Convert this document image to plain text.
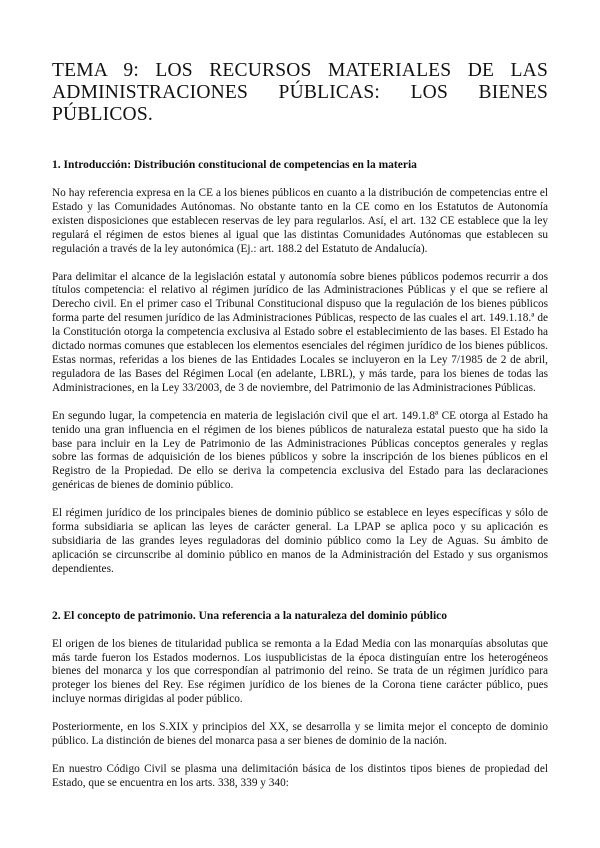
TEMA 9: LOS RECURSOS MATERIALES DE LAS ADMINISTRACIONES PÚBLICAS: LOS BIENES PÚBLICOS.
1. Introducción: Distribución constitucional de competencias en la materia

No hay referencia expresa en la CE a los bienes públicos en cuanto a la distribución de competencias entre el Estado y las Comunidades Autónomas. No obstante tanto en la CE como en los Estatutos de Autonomía existen disposiciones que establecen reservas de ley para regularlos. Así, el art. 132 CE establece que la ley regulará el régimen de estos bienes al igual que las distintas Comunidades Autónomas que establecen su regulación a través de la ley autonómica (Ej.: art. 188.2 del Estatuto de Andalucía).

Para delimitar el alcance de la legislación estatal y autonomía sobre bienes públicos podemos recurrir a dos títulos competencia: el relativo al régimen jurídico de las Administraciones Públicas y el que se refiere al Derecho civil. En el primer caso el Tribunal Constitucional dispuso que la regulación de los bienes públicos forma parte del resumen jurídico de las Administraciones Públicas, respecto de las cuales el art. 149.1.18.ª de la Constitución otorga la competencia exclusiva al Estado sobre el establecimiento de las bases. El Estado ha dictado normas comunes que establecen los elementos esenciales del régimen jurídico de los bienes públicos. Estas normas, referidas a los bienes de las Entidades Locales se incluyeron en la Ley 7/1985 de 2 de abril, reguladora de las Bases del Régimen Local (en adelante, LBRL), y más tarde, para los bienes de todas las Administraciones, en la Ley 33/2003, de 3 de noviembre, del Patrimonio de las Administraciones Públicas.

En segundo lugar, la competencia en materia de legislación civil que el art. 149.1.8ª CE otorga al Estado ha tenido una gran influencia en el régimen de los bienes públicos de naturaleza estatal puesto que ha sido la base para incluir en la Ley de Patrimonio de las Administraciones Públicas conceptos generales y reglas sobre las formas de adquisición de los bienes públicos y sobre la inscripción de los bienes públicos en el Registro de la Propiedad. De ello se deriva la competencia exclusiva del Estado para las declaraciones genéricas de bienes de dominio público.

El régimen jurídico de los principales bienes de dominio público se establece en leyes específicas y sólo de forma subsidiaria se aplican las leyes de carácter general. La LPAP se aplica poco y su aplicación es subsidiaria de las grandes leyes reguladoras del dominio público como la Ley de Aguas. Su ámbito de aplicación se circunscribe al dominio público en manos de la Administración del Estado y sus organismos dependientes.

2. El concepto de patrimonio. Una referencia a la naturaleza del dominio público

El origen de los bienes de titularidad publica se remonta a la Edad Media con las monarquías absolutas que más tarde fueron los Estados modernos. Los iuspublicistas de la época distinguían entre los heterogéneos bienes del monarca y los que correspondían al patrimonio del reino. Se trata de un régimen jurídico para proteger los bienes del Rey. Ese régimen jurídico de los bienes de la Corona tiene carácter público, pues incluye normas dirigidas al poder público.

Posteriormente, en los S.XIX y principios del XX, se desarrolla y se limita mejor el concepto de dominio público. La distinción de bienes del monarca pasa a ser bienes de dominio de la nación.

En nuestro Código Civil se plasma una delimitación básica de los distintos tipos bienes de propiedad del Estado, que se encuentra en los arts. 338, 339 y 340:
